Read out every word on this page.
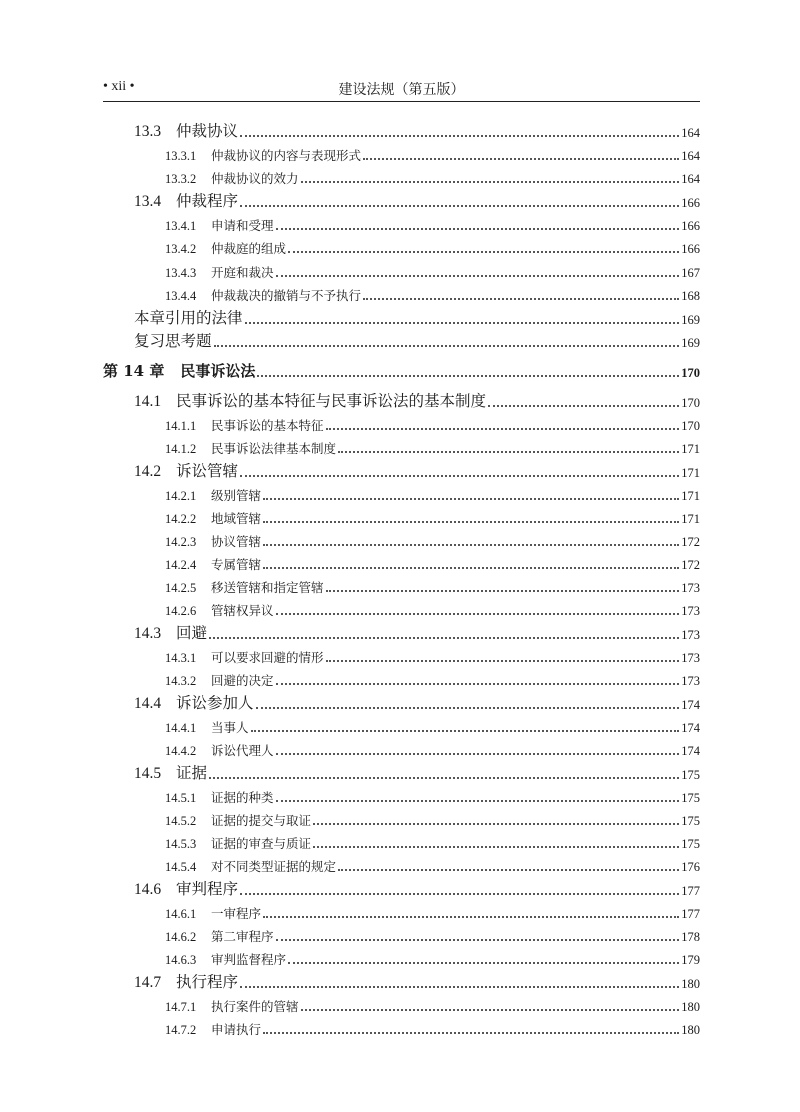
• xii •	建设法规（第五版）
13.3 仲裁协议	164
13.3.1	仲裁协议的内容与表现形式	164
13.3.2	仲裁协议的效力	164
13.4 仲裁程序	166
13.4.1	申请和受理	166
13.4.2	仲裁庭的组成	166
13.4.3	开庭和裁决	167
13.4.4	仲裁裁决的撤销与不予执行	168
本章引用的法律	169
复习思考题	169
第 14 章 民事诉讼法	170
14.1 民事诉讼的基本特征与民事诉讼法的基本制度	170
14.1.1	民事诉讼的基本特征	170
14.1.2	民事诉讼法律基本制度	171
14.2 诉讼管辖	171
14.2.1	级别管辖	171
14.2.2	地域管辖	171
14.2.3	协议管辖	172
14.2.4	专属管辖	172
14.2.5	移送管辖和指定管辖	173
14.2.6	管辖权异议	173
14.3 回避	173
14.3.1	可以要求回避的情形	173
14.3.2	回避的决定	173
14.4 诉讼参加人	174
14.4.1	当事人	174
14.4.2	诉讼代理人	174
14.5 证据	175
14.5.1	证据的种类	175
14.5.2	证据的提交与取证	175
14.5.3	证据的审查与质证	175
14.5.4	对不同类型证据的规定	176
14.6 审判程序	177
14.6.1	一审程序	177
14.6.2	第二审程序	178
14.6.3	审判监督程序	179
14.7 执行程序	180
14.7.1	执行案件的管辖	180
14.7.2	申请执行	180
